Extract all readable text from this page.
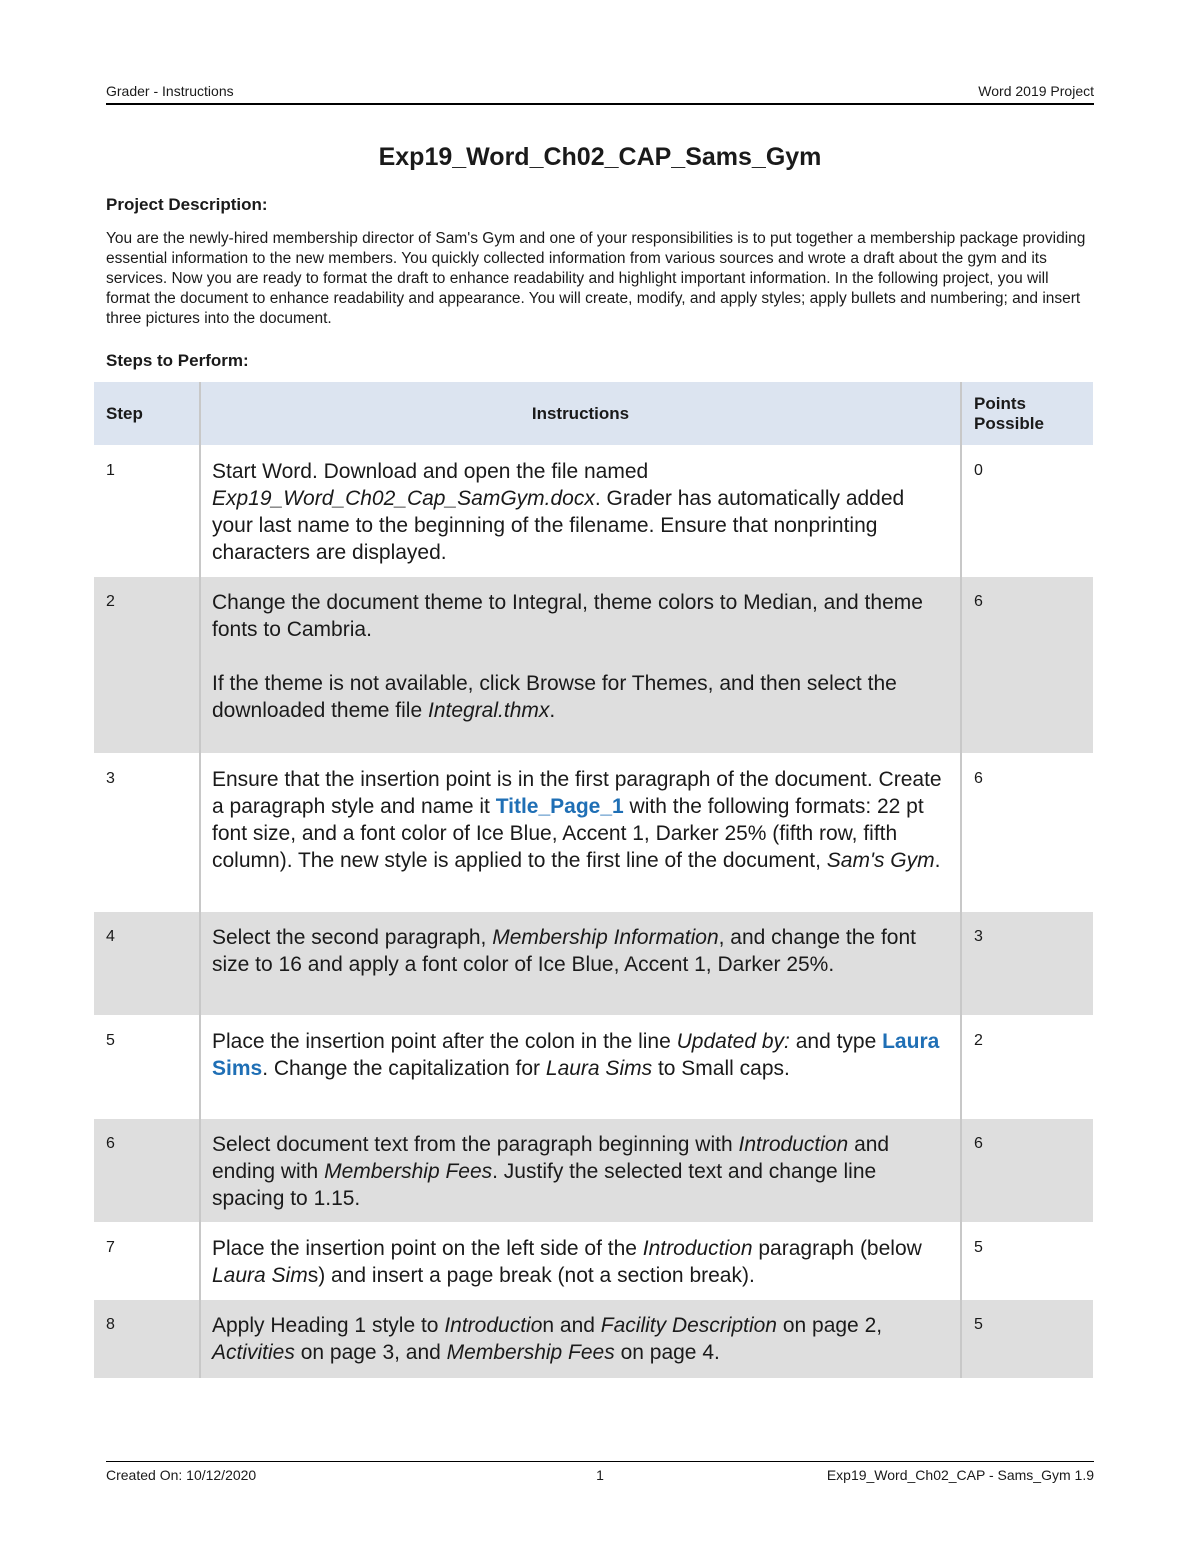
Grader - Instructions	Word 2019 Project
Exp19_Word_Ch02_CAP_Sams_Gym
Project Description:
You are the newly-hired membership director of Sam's Gym and one of your responsibilities is to put together a membership package providing essential information to the new members. You quickly collected information from various sources and wrote a draft about the gym and its services. Now you are ready to format the draft to enhance readability and highlight important information. In the following project, you will format the document to enhance readability and appearance. You will create, modify, and apply styles; apply bullets and numbering; and insert three pictures into the document.
Steps to Perform:
Step	Instructions	Points Possible
1	Start Word. Download and open the file named Exp19_Word_Ch02_Cap_SamGym.docx. Grader has automatically added your last name to the beginning of the filename. Ensure that nonprinting characters are displayed.	0
2	Change the document theme to Integral, theme colors to Median, and theme fonts to Cambria.
If the theme is not available, click Browse for Themes, and then select the downloaded theme file Integral.thmx.	6
3	Ensure that the insertion point is in the first paragraph of the document. Create a paragraph style and name it Title_Page_1 with the following formats: 22 pt font size, and a font color of Ice Blue, Accent 1, Darker 25% (fifth row, fifth column). The new style is applied to the first line of the document, Sam's Gym.	6
4	Select the second paragraph, Membership Information, and change the font size to 16 and apply a font color of Ice Blue, Accent 1, Darker 25%.	3
5	Place the insertion point after the colon in the line Updated by: and type Laura Sims. Change the capitalization for Laura Sims to Small caps.	2
6	Select document text from the paragraph beginning with Introduction and ending with Membership Fees. Justify the selected text and change line spacing to 1.15.	6
7	Place the insertion point on the left side of the Introduction paragraph (below Laura Sims) and insert a page break (not a section break).	5
8	Apply Heading 1 style to Introduction and Facility Description on page 2, Activities on page 3, and Membership Fees on page 4.	5
Created On: 10/12/2020	1	Exp19_Word_Ch02_CAP - Sams_Gym 1.9
